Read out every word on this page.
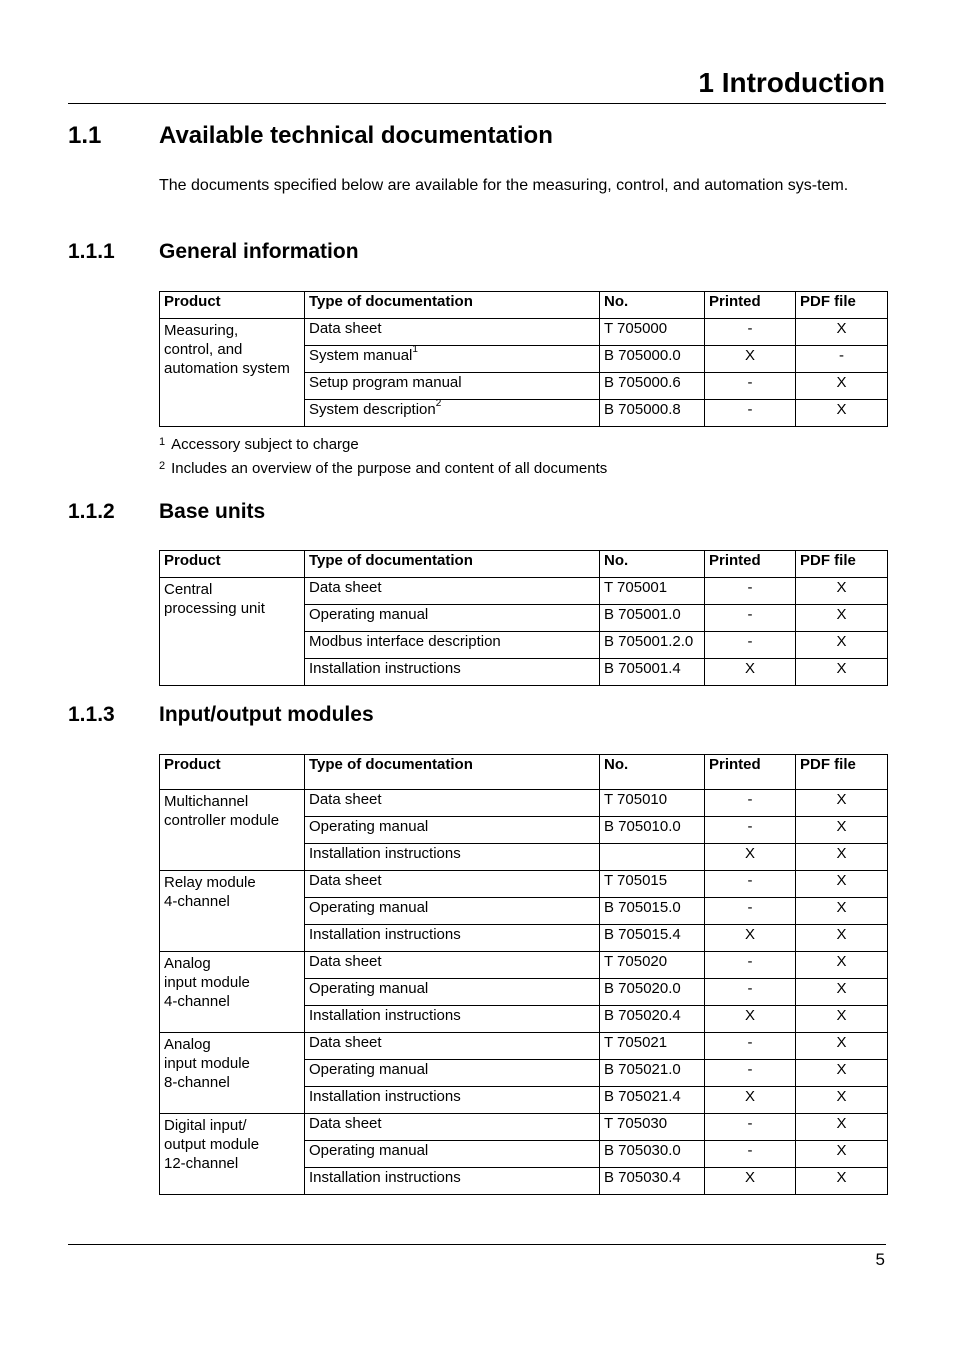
1 Introduction
1.1 Available technical documentation

The documents specified below are available for the measuring, control, and automation sys-tem.

1.1.1 General information
Product	Type of documentation	No.	Printed	PDF file

Measuring,
control, and
automation system	Data sheet	T 705000	-	X
	System manual$^1$	B 705000.0	X	-
	Setup program manual	B 705000.6	-	X
	System description$^2$	B 705000.8	-	X
$^1$ Accessory subject to charge
$^2$ Includes an overview of the purpose and content of all documents
1.1.2 Base units
Product	Type of documentation	No.	Printed	PDF file

Central
processing unit	Data sheet	T 705001	-	X
	Operating manual	B 705001.0	-	X
	Modbus interface description	B 705001.2.0	-	X
	Installation instructions	B 705001.4	X	X
1.1.3 Input/output modules
Product	Type of documentation	No.	Printed	PDF file

Multichannel
controller module	Data sheet	T 705010	-	X
	Operating manual	B 705010.0	-	X
	Installation instructions		X	X

Relay module
4-channel	Data sheet	T 705015	-	X
	Operating manual	B 705015.0	-	X
	Installation instructions	B 705015.4	X	X

Analog
input module
4-channel	Data sheet	T 705020	-	X
	Operating manual	B 705020.0	-	X
	Installation instructions	B 705020.4	X	X

Analog
input module
8-channel	Data sheet	T 705021	-	X
	Operating manual	B 705021.0	-	X
	Installation instructions	B 705021.4	X	X

Digital input/
output module
12-channel	Data sheet	T 705030	-	X
	Operating manual	B 705030.0	-	X
	Installation instructions	B 705030.4	X	X
5
